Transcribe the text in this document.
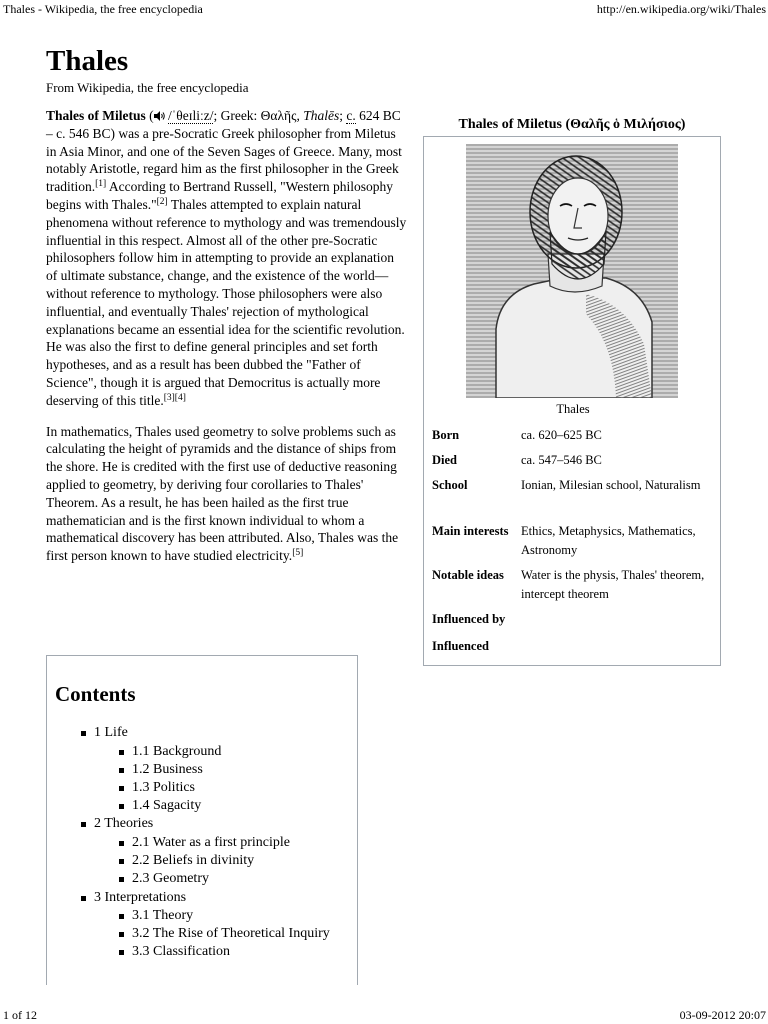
Thales - Wikipedia, the free encyclopedia	http://en.wikipedia.org/wiki/Thales
Thales
From Wikipedia, the free encyclopedia

Thales of Miletus ( /ˈθeɪliːz/; Greek: Θαλῆς, Thalēs; c. 624 BC – c. 546 BC) was a pre-Socratic Greek philosopher from Miletus in Asia Minor, and one of the Seven Sages of Greece. Many, most notably Aristotle, regard him as the first philosopher in the Greek tradition.[1] According to Bertrand Russell, "Western philosophy begins with Thales."[2] Thales attempted to explain natural phenomena without reference to mythology and was tremendously influential in this respect. Almost all of the other pre-Socratic philosophers follow him in attempting to provide an explanation of ultimate substance, change, and the existence of the world—without reference to mythology. Those philosophers were also influential, and eventually Thales' rejection of mythological explanations became an essential idea for the scientific revolution. He was also the first to define general principles and set forth hypotheses, and as a result has been dubbed the "Father of Science", though it is argued that Democritus is actually more deserving of this title.[3][4]

In mathematics, Thales used geometry to solve problems such as calculating the height of pyramids and the distance of ships from the shore. He is credited with the first use of deductive reasoning applied to geometry, by deriving four corollaries to Thales' Theorem. As a result, he has been hailed as the first true mathematician and is the first known individual to whom a mathematical discovery has been attributed. Also, Thales was the first person known to have studied electricity.[5]

Thales of Miletus (Θαλῆς ὁ Μιλήσιος)
Thales
Born	ca. 620–625 BC
Died	ca. 547–546 BC
School	Ionian, Milesian school, Naturalism
Main interests	Ethics, Metaphysics, Mathematics, Astronomy
Notable ideas	Water is the physis, Thales' theorem, intercept theorem
Influenced by
Influenced
Contents
1 Life
1.1 Background
1.2 Business
1.3 Politics
1.4 Sagacity
2 Theories
2.1 Water as a first principle
2.2 Beliefs in divinity
2.3 Geometry
3 Interpretations
3.1 Theory
3.2 The Rise of Theoretical Inquiry
3.3 Classification
1 of 12	03-09-2012 20:07
